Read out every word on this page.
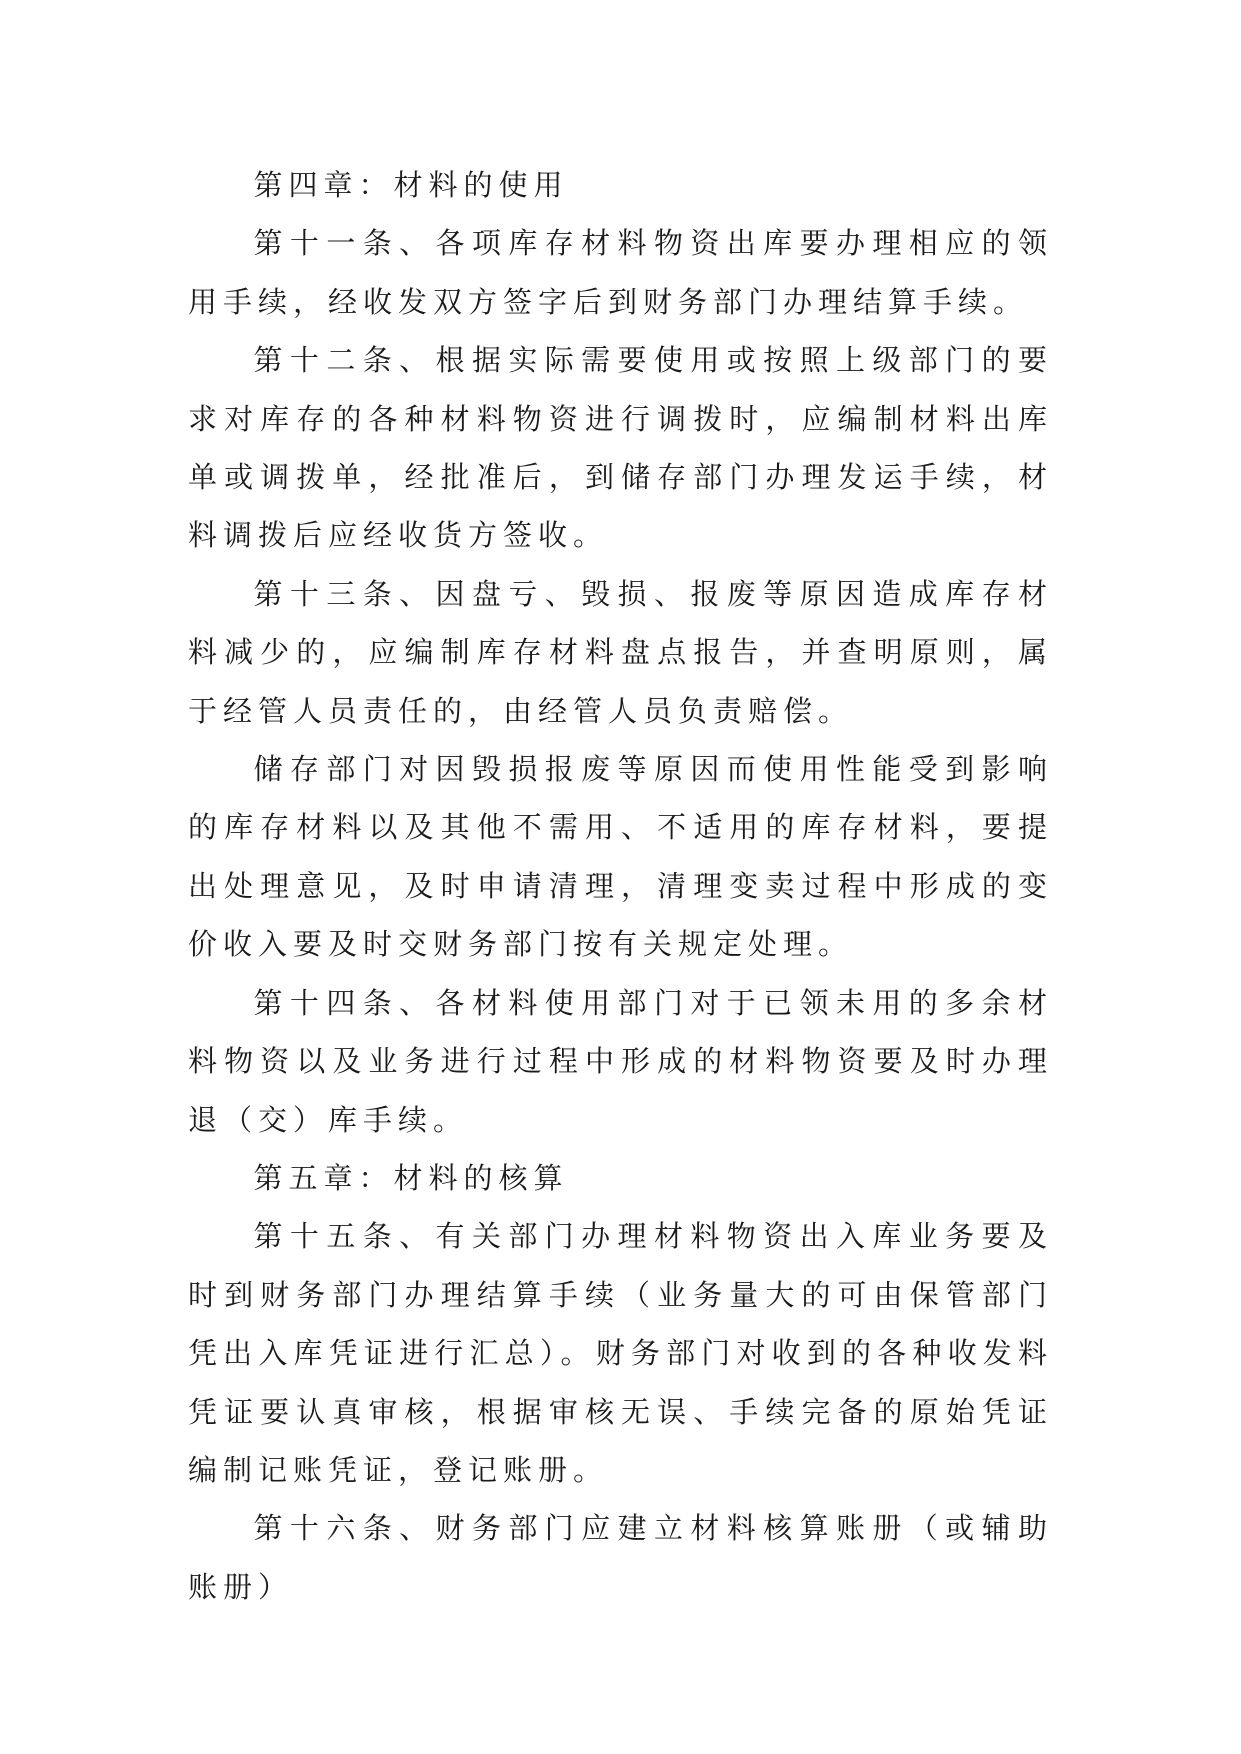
第四章：材料的使用

第十一条、各项库存材料物资出库要办理相应的领用手续，经收发双方签字后到财务部门办理结算手续。

第十二条、根据实际需要使用或按照上级部门的要求对库存的各种材料物资进行调拨时，应编制材料出库单或调拨单，经批准后，到储存部门办理发运手续，材料调拨后应经收货方签收。

第十三条、因盘亏、毁损、报废等原因造成库存材料减少的，应编制库存材料盘点报告，并查明原则，属于经管人员责任的，由经管人员负责赔偿。

储存部门对因毁损报废等原因而使用性能受到影响的库存材料以及其他不需用、不适用的库存材料，要提出处理意见，及时申请清理，清理变卖过程中形成的变价收入要及时交财务部门按有关规定处理。

第十四条、各材料使用部门对于已领未用的多余材料物资以及业务进行过程中形成的材料物资要及时办理退（交）库手续。

第五章：材料的核算

第十五条、有关部门办理材料物资出入库业务要及时到财务部门办理结算手续（业务量大的可由保管部门凭出入库凭证进行汇总）。财务部门对收到的各种收发料凭证要认真审核，根据审核无误、手续完备的原始凭证编制记账凭证，登记账册。

第十六条、财务部门应建立材料核算账册（或辅助账册）
